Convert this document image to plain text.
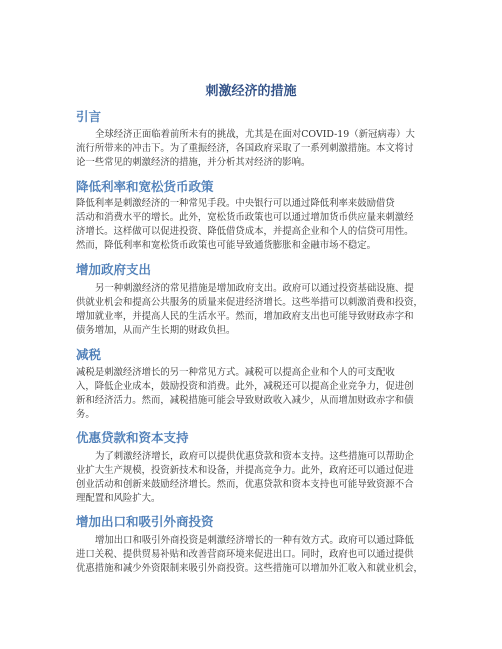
刺激经济的措施
引言
全球经济正面临着前所未有的挑战，尤其是在面对COVID-19（新冠病毒）大
流行所带来的冲击下。为了重振经济，各国政府采取了一系列刺激措施。本文将讨
论一些常见的刺激经济的措施，并分析其对经济的影响。
降低利率和宽松货币政策
降低利率是刺激经济的一种常见手段。中央银行可以通过降低利率来鼓励借贷
活动和消费水平的增长。此外，宽松货币政策也可以通过增加货币供应量来刺激经
济增长。这样做可以促进投资、降低借贷成本，并提高企业和个人的信贷可用性。
然而，降低利率和宽松货币政策也可能导致通货膨胀和金融市场不稳定。
增加政府支出
另一种刺激经济的常见措施是增加政府支出。政府可以通过投资基础设施、提
供就业机会和提高公共服务的质量来促进经济增长。这些举措可以刺激消费和投资，
增加就业率，并提高人民的生活水平。然而，增加政府支出也可能导致财政赤字和
债务增加，从而产生长期的财政负担。
减税
减税是刺激经济增长的另一种常见方式。减税可以提高企业和个人的可支配收
入，降低企业成本，鼓励投资和消费。此外，减税还可以提高企业竞争力，促进创
新和经济活力。然而，减税措施可能会导致财政收入减少，从而增加财政赤字和债
务。
优惠贷款和资本支持
为了刺激经济增长，政府可以提供优惠贷款和资本支持。这些措施可以帮助企
业扩大生产规模，投资新技术和设备，并提高竞争力。此外，政府还可以通过促进
创业活动和创新来鼓励经济增长。然而，优惠贷款和资本支持也可能导致资源不合
理配置和风险扩大。
增加出口和吸引外商投资
增加出口和吸引外商投资是刺激经济增长的一种有效方式。政府可以通过降低
进口关税、提供贸易补贴和改善营商环境来促进出口。同时，政府也可以通过提供
优惠措施和减少外资限制来吸引外商投资。这些措施可以增加外汇收入和就业机会，
